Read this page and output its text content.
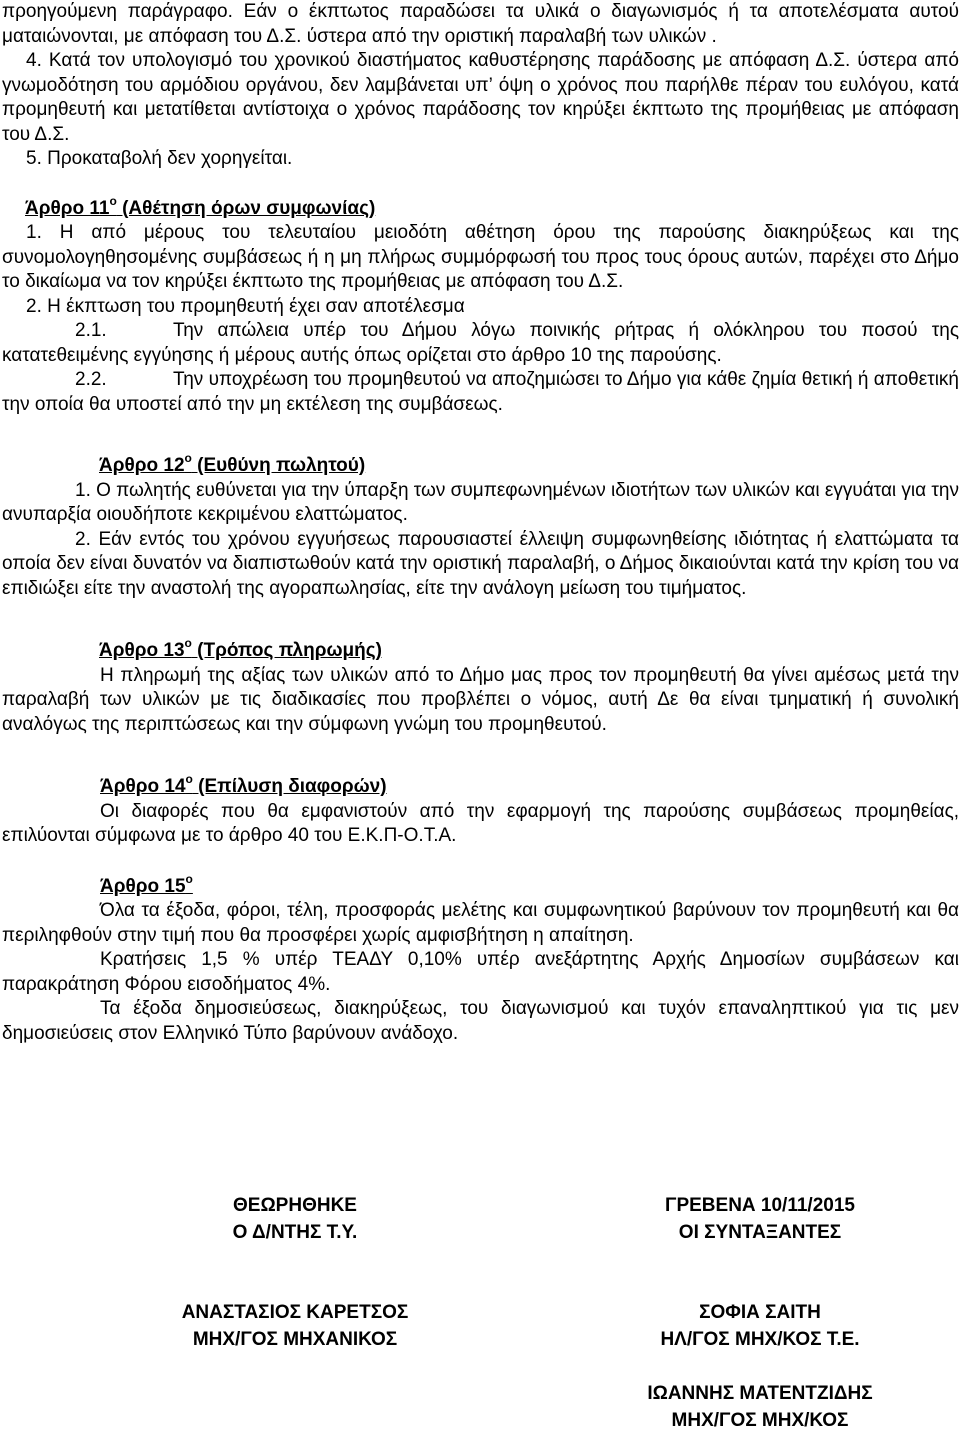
προηγούμενη παράγραφο. Εάν ο έκπτωτος παραδώσει τα υλικά ο διαγωνισμός ή τα αποτελέσματα αυτού ματαιώνονται, με απόφαση του Δ.Σ. ύστερα από την οριστική παραλαβή των υλικών .

4. Κατά τον υπολογισμό του χρονικού διαστήματος καθυστέρησης παράδοσης με απόφαση Δ.Σ. ύστερα από γνωμοδότηση του αρμόδιου οργάνου, δεν λαμβάνεται υπ’ όψη ο χρόνος που παρήλθε πέραν του ευλόγου, κατά προμηθευτή και μετατίθεται αντίστοιχα ο χρόνος παράδοσης τον κηρύξει έκπτωτο της προμήθειας με απόφαση του Δ.Σ.

5. Προκαταβολή δεν χορηγείται.

Άρθρο $11^o$ (Αθέτηση όρων συμφωνίας)

1. Η από μέρους του τελευταίου μειοδότη αθέτηση όρου της παρούσης διακηρύξεως και της συνομολογηθησομένης συμβάσεως ή η μη πλήρως συμμόρφωσή του προς τους όρους αυτών, παρέχει στο Δήμο το δικαίωμα να τον κηρύξει έκπτωτο της προμήθειας με απόφαση του Δ.Σ.

2. Η έκπτωση του προμηθευτή έχει σαν αποτέλεσμα

2.1.	Την απώλεια υπέρ του Δήμου λόγω ποινικής ρήτρας ή ολόκληρου του ποσού της κατατεθειμένης εγγύησης ή μέρους αυτής όπως ορίζεται στο άρθρο 10 της παρούσης.

2.2.	Την υποχρέωση του προμηθευτού να αποζημιώσει το Δήμο για κάθε ζημία θετική ή αποθετική την οποία θα υποστεί από την μη εκτέλεση της συμβάσεως.

Άρθρο $12^o$ (Ευθύνη πωλητού)

1. Ο πωλητής ευθύνεται για την ύπαρξη των συμπεφωνημένων ιδιοτήτων των υλικών και εγγυάται για την ανυπαρξία οιουδήποτε κεκριμένου ελαττώματος.

2. Εάν εντός του χρόνου εγγυήσεως παρουσιαστεί έλλειψη συμφωνηθείσης ιδιότητας ή ελαττώματα τα οποία δεν είναι δυνατόν να διαπιστωθούν κατά την οριστική παραλαβή, ο Δήμος δικαιούνται κατά την κρίση του να επιδιώξει είτε την αναστολή της αγοραπωλησίας, είτε την ανάλογη μείωση του τιμήματος.

Άρθρο $13^o$ (Τρόπος πληρωμής)

Η πληρωμή της αξίας των υλικών από το Δήμο μας προς τον προμηθευτή θα γίνει αμέσως μετά την παραλαβή των υλικών με τις διαδικασίες που προβλέπει ο νόμος, αυτή Δε θα είναι τμηματική ή συνολική αναλόγως της περιπτώσεως και την σύμφωνη γνώμη του προμηθευτού.

Άρθρο $14^o$ (Επίλυση διαφορών)

Οι διαφορές που θα εμφανιστούν από την εφαρμογή της παρούσης συμβάσεως προμηθείας, επιλύονται σύμφωνα με το άρθρο 40 του Ε.Κ.Π-Ο.Τ.Α.

Άρθρο $15^o$

Όλα τα έξοδα, φόροι, τέλη, προσφοράς μελέτης και συμφωνητικού βαρύνουν τον προμηθευτή και θα περιληφθούν στην τιμή που θα προσφέρει χωρίς αμφισβήτηση η απαίτηση.

Κρατήσεις 1,5 % υπέρ ΤΕΑΔΥ 0,10% υπέρ ανεξάρτητης Αρχής Δημοσίων συμβάσεων και παρακράτηση Φόρου εισοδήματος 4%.

Τα έξοδα δημοσιεύσεως, διακηρύξεως, του διαγωνισμού και τυχόν επαναληπτικού για τις μεν δημοσιεύσεις στον Ελληνικό Τύπο βαρύνουν ανάδοχο.

ΘΕΩΡΗΘΗΚΕ
Ο Δ/ΝΤΗΣ Τ.Υ.
ΑΝΑΣΤΑΣΙΟΣ ΚΑΡΕΤΣΟΣ
ΜΗΧ/ΓΟΣ ΜΗΧΑΝΙΚΟΣ
ΓΡΕΒΕΝΑ 10/11/2015
ΟΙ ΣΥΝΤΑΞΑΝΤΕΣ
ΣΟΦΙΑ ΣΑΙΤΗ
ΗΛ/ΓΟΣ ΜΗΧ/ΚΟΣ Τ.Ε.
ΙΩΑΝΝΗΣ ΜΑΤΕΝΤΖΙΔΗΣ
ΜΗΧ/ΓΟΣ ΜΗΧ/ΚΟΣ
